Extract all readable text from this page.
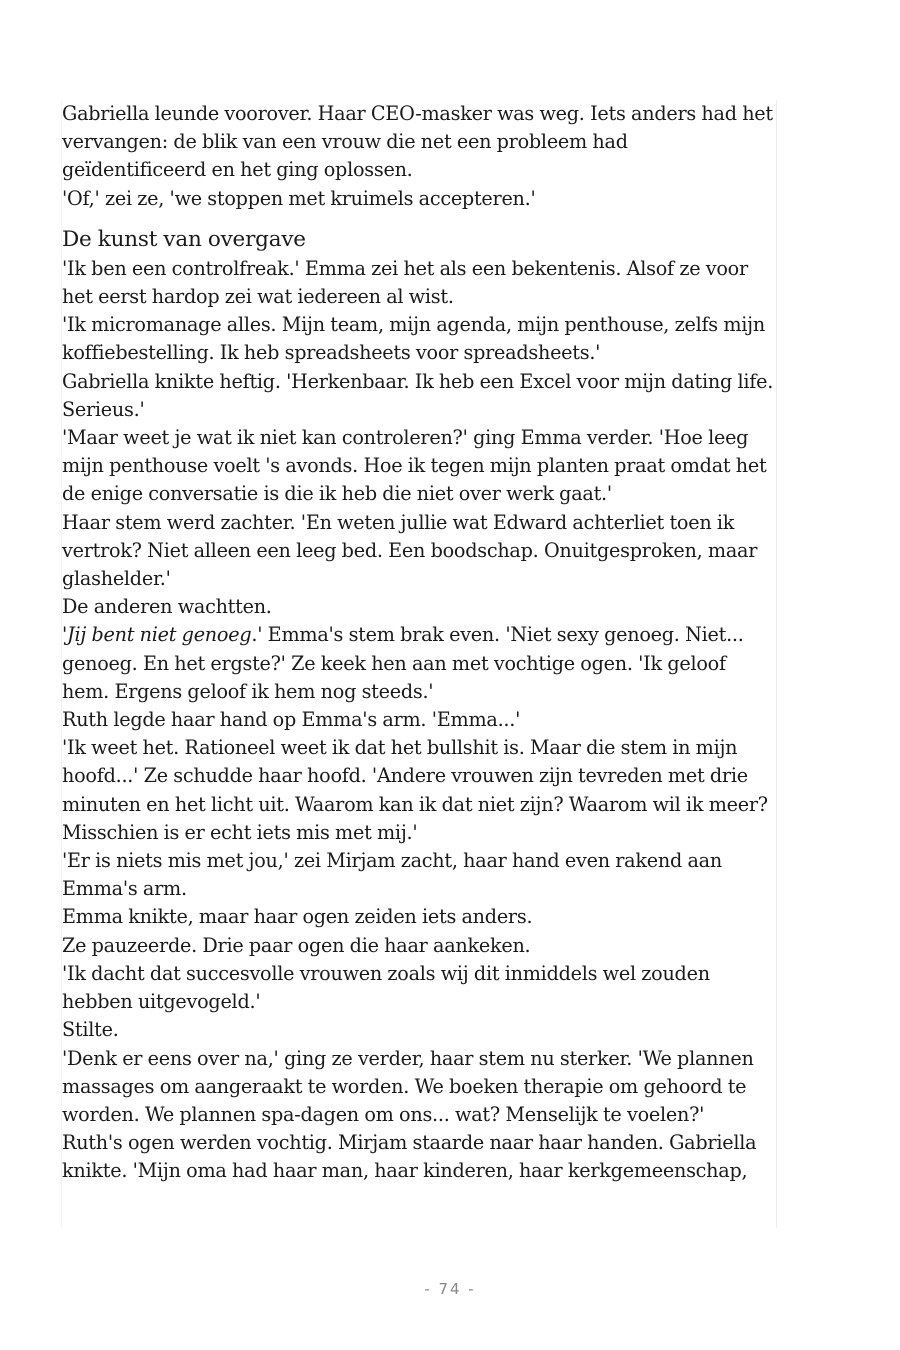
Gabriella leunde voorover. Haar CEO-masker was weg. Iets anders had het vervangen: de blik van een vrouw die net een probleem had geïdentificeerd en het ging oplossen.

'Of,' zei ze, 'we stoppen met kruimels accepteren.'

De kunst van overgave

'Ik ben een controlfreak.' Emma zei het als een bekentenis. Alsof ze voor het eerst hardop zei wat iedereen al wist.

'Ik micromanage alles. Mijn team, mijn agenda, mijn penthouse, zelfs mijn koffiebestelling. Ik heb spreadsheets voor spreadsheets.'

Gabriella knikte heftig. 'Herkenbaar. Ik heb een Excel voor mijn dating life. Serieus.'

'Maar weet je wat ik niet kan controleren?' ging Emma verder. 'Hoe leeg mijn penthouse voelt 's avonds. Hoe ik tegen mijn planten praat omdat het de enige conversatie is die ik heb die niet over werk gaat.'

Haar stem werd zachter. 'En weten jullie wat Edward achterliet toen ik vertrok? Niet alleen een leeg bed. Een boodschap. Onuitgesproken, maar glashelder.'

De anderen wachtten.

'Jij bent niet genoeg.' Emma's stem brak even. 'Niet sexy genoeg. Niet... genoeg. En het ergste?' Ze keek hen aan met vochtige ogen. 'Ik geloof hem. Ergens geloof ik hem nog steeds.'

Ruth legde haar hand op Emma's arm. 'Emma...'

'Ik weet het. Rationeel weet ik dat het bullshit is. Maar die stem in mijn hoofd...' Ze schudde haar hoofd. 'Andere vrouwen zijn tevreden met drie minuten en het licht uit. Waarom kan ik dat niet zijn? Waarom wil ik meer? Misschien is er echt iets mis met mij.'

'Er is niets mis met jou,' zei Mirjam zacht, haar hand even rakend aan Emma's arm.

Emma knikte, maar haar ogen zeiden iets anders.

Ze pauzeerde. Drie paar ogen die haar aankeken.

'Ik dacht dat succesvolle vrouwen zoals wij dit inmiddels wel zouden hebben uitgevogeld.'

Stilte.

'Denk er eens over na,' ging ze verder, haar stem nu sterker. 'We plannen massages om aangeraakt te worden. We boeken therapie om gehoord te worden. We plannen spa-dagen om ons... wat? Menselijk te voelen?'

Ruth's ogen werden vochtig. Mirjam staarde naar haar handen. Gabriella knikte. 'Mijn oma had haar man, haar kinderen, haar kerkgemeenschap,

- 74 -
